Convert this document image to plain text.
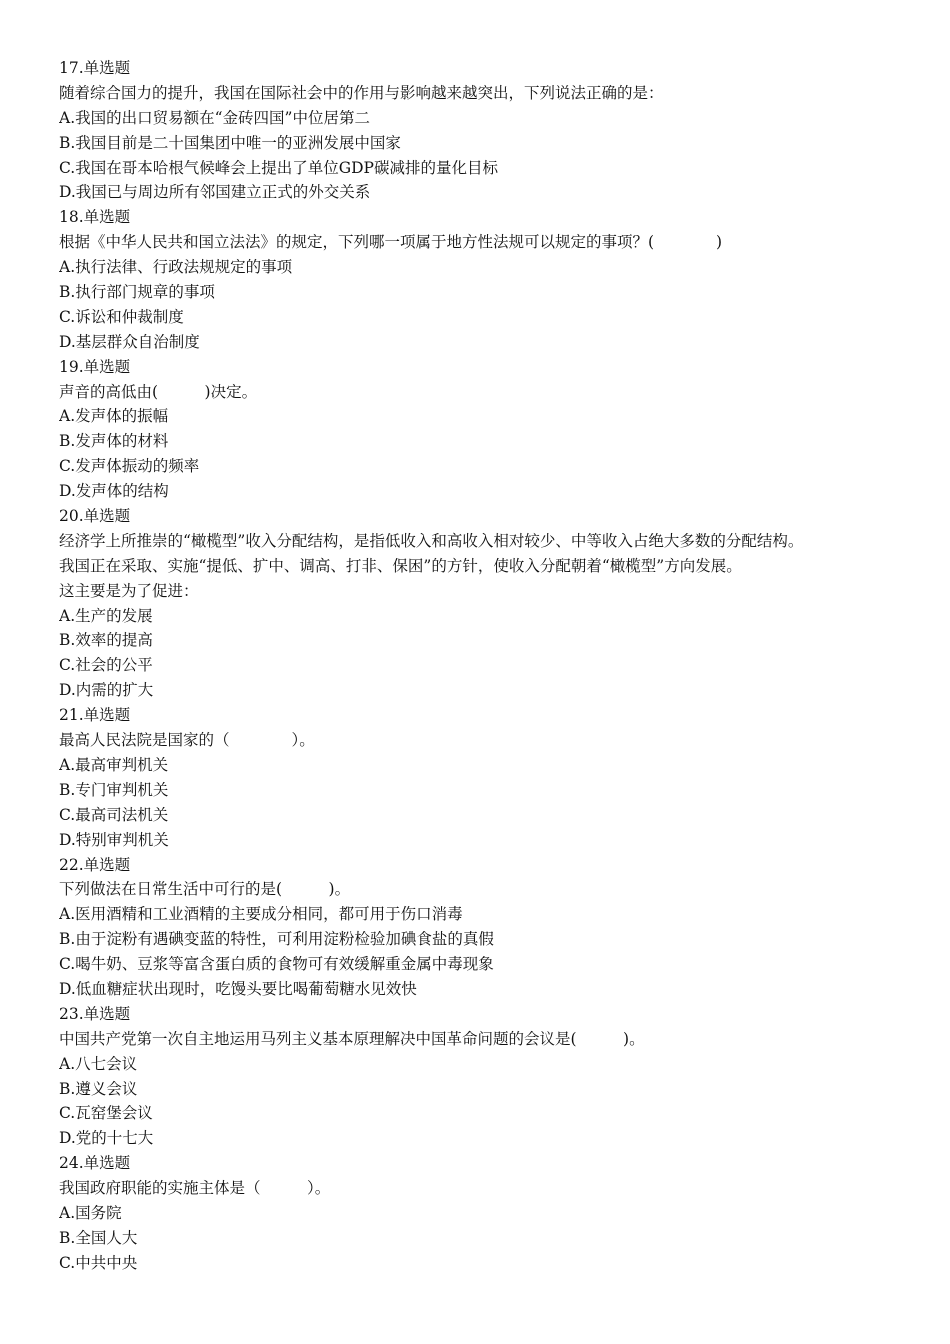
17.单选题
随着综合国力的提升，我国在国际社会中的作用与影响越来越突出，下列说法正确的是：
A.我国的出口贸易额在“金砖四国”中位居第二
B.我国目前是二十国集团中唯一的亚洲发展中国家
C.我国在哥本哈根气候峰会上提出了单位GDP碳减排的量化目标
D.我国已与周边所有邻国建立正式的外交关系
18.单选题
根据《中华人民共和国立法法》的规定，下列哪一项属于地方性法规可以规定的事项？(　　　　)
A.执行法律、行政法规规定的事项
B.执行部门规章的事项
C.诉讼和仲裁制度
D.基层群众自治制度
19.单选题
声音的高低由(　　　)决定。
A.发声体的振幅
B.发声体的材料
C.发声体振动的频率
D.发声体的结构
20.单选题
经济学上所推崇的“橄榄型”收入分配结构，是指低收入和高收入相对较少、中等收入占绝大多数的分配结构。
我国正在采取、实施“提低、扩中、调高、打非、保困”的方针，使收入分配朝着“橄榄型”方向发展。
这主要是为了促进：
A.生产的发展
B.效率的提高
C.社会的公平
D.内需的扩大
21.单选题
最高人民法院是国家的（　　　　）。
A.最高审判机关
B.专门审判机关
C.最高司法机关
D.特别审判机关
22.单选题
下列做法在日常生活中可行的是(　　　)。
A.医用酒精和工业酒精的主要成分相同，都可用于伤口消毒
B.由于淀粉有遇碘变蓝的特性，可利用淀粉检验加碘食盐的真假
C.喝牛奶、豆浆等富含蛋白质的食物可有效缓解重金属中毒现象
D.低血糖症状出现时，吃馒头要比喝葡萄糖水见效快
23.单选题
中国共产党第一次自主地运用马列主义基本原理解决中国革命问题的会议是(　　　)。
A.八七会议
B.遵义会议
C.瓦窑堡会议
D.党的十七大
24.单选题
我国政府职能的实施主体是（　　　）。
A.国务院
B.全国人大
C.中共中央
